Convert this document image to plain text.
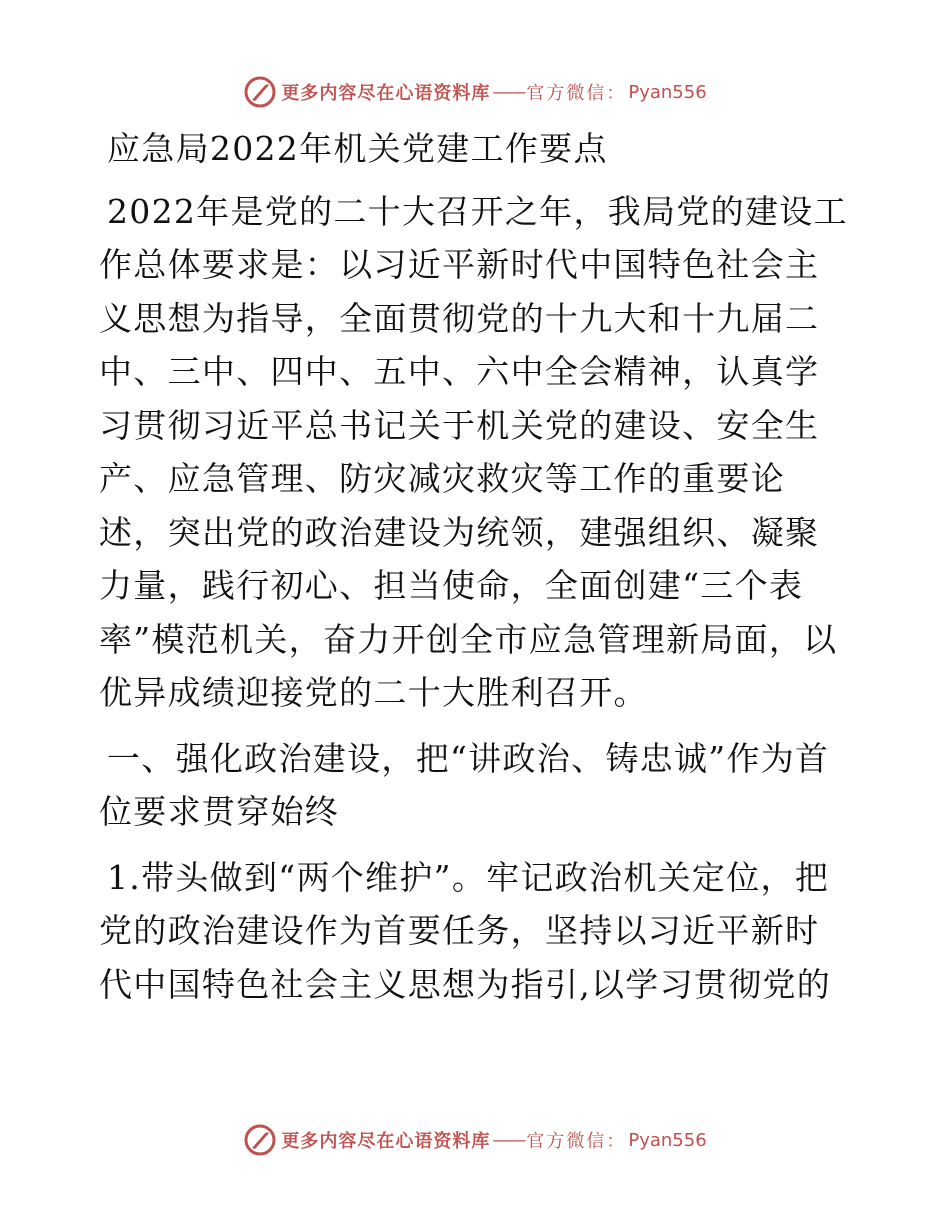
更多内容尽在心语资料库 —— 官方微信： Pyan556

应急局2022年机关党建工作要点

2022年是党的二十大召开之年，我局党的建设工作总体要求是：以习近平新时代中国特色社会主义思想为指导，全面贯彻党的十九大和十九届二中、三中、四中、五中、六中全会精神，认真学习贯彻习近平总书记关于机关党的建设、安全生产、应急管理、防灾减灾救灾等工作的重要论述，突出党的政治建设为统领，建强组织、凝聚力量，践行初心、担当使命，全面创建“三个表率”模范机关，奋力开创全市应急管理新局面，以优异成绩迎接党的二十大胜利召开。

一、强化政治建设，把“讲政治、铸忠诚”作为首位要求贯穿始终

1.带头做到“两个维护”。牢记政治机关定位，把党的政治建设作为首要任务，坚持以习近平新时代中国特色社会主义思想为指引,以学习贯彻党的

更多内容尽在心语资料库 —— 官方微信： Pyan556
